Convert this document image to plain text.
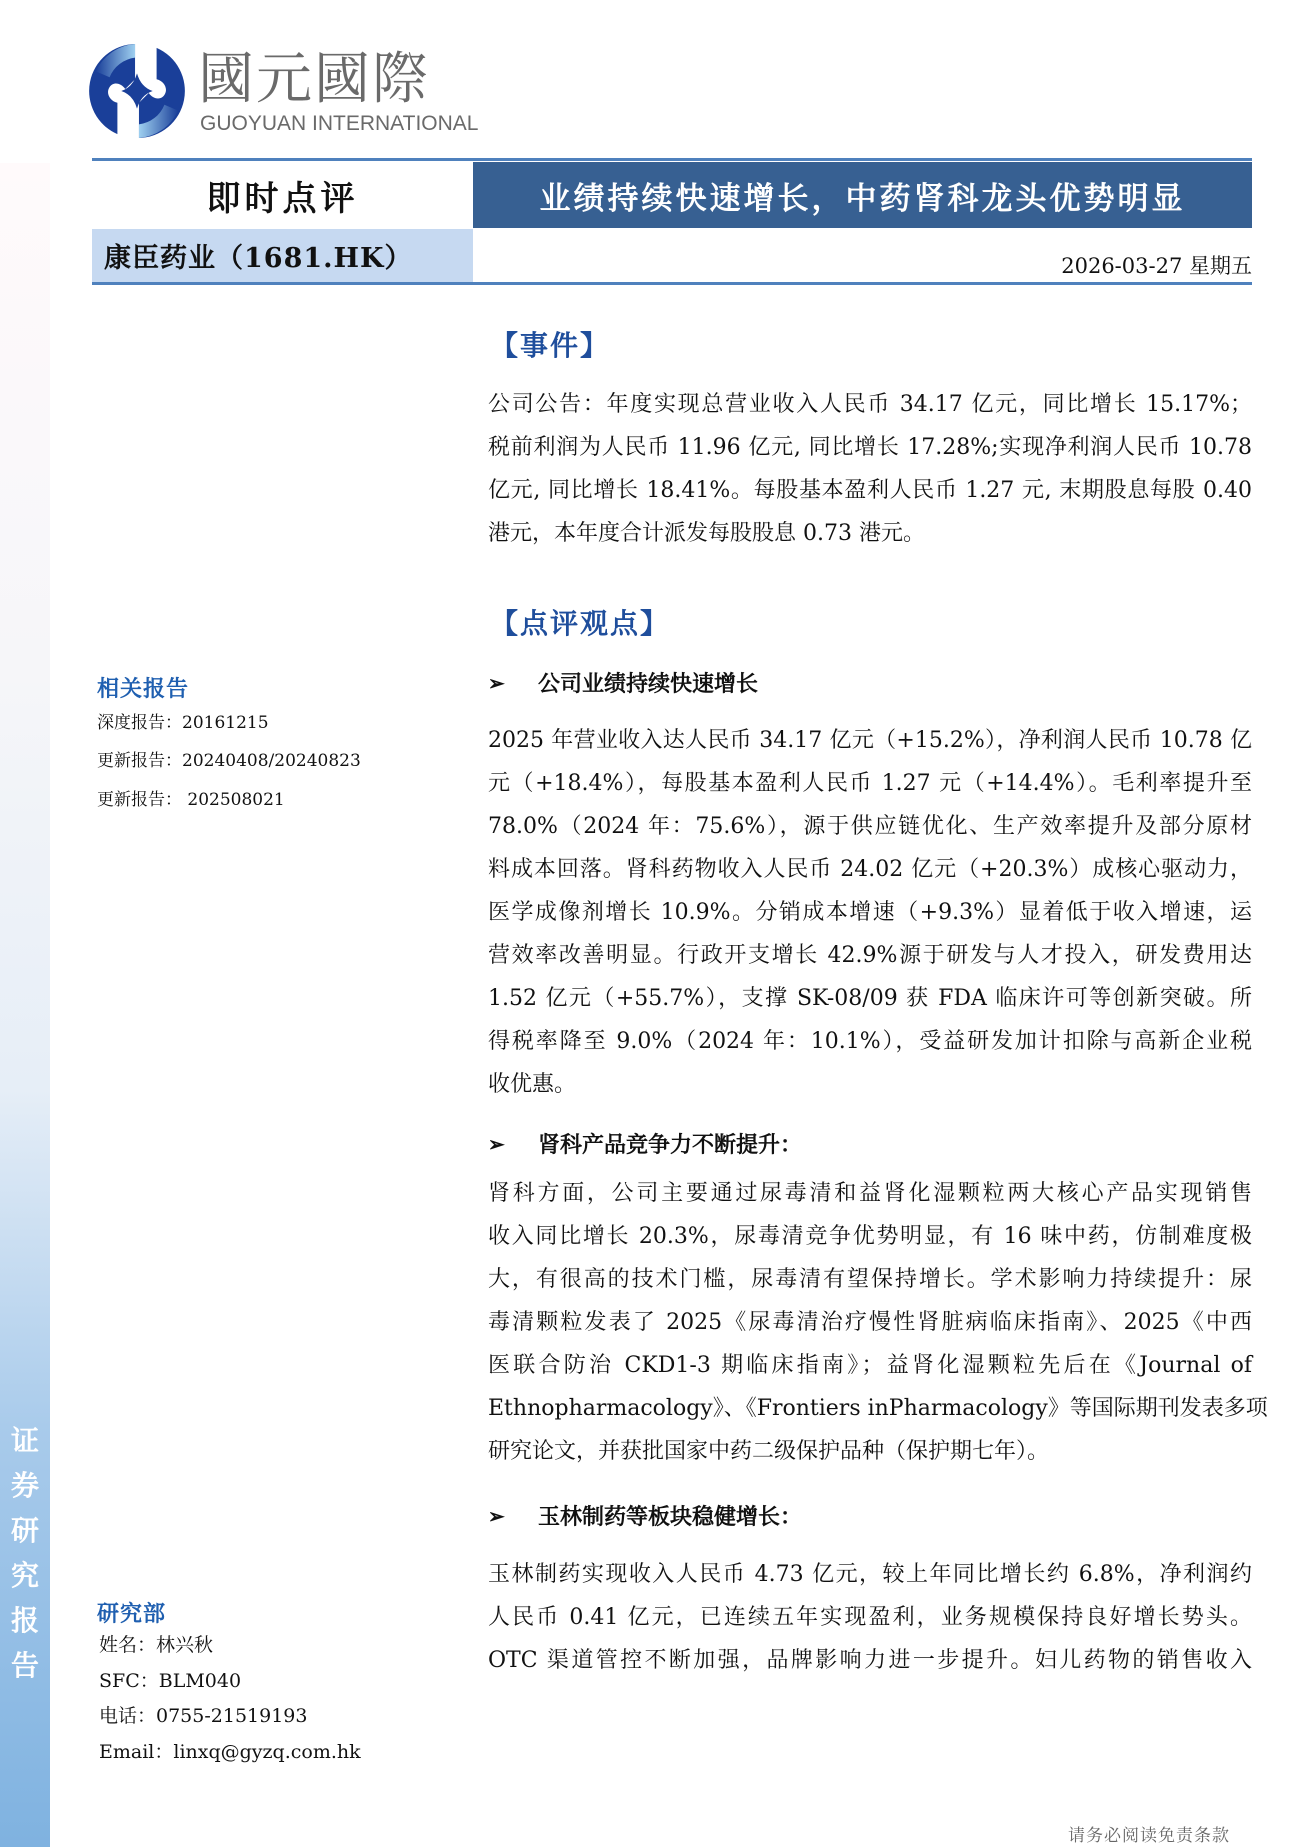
证
券
研
究
报
告
國元國際
GUOYUAN INTERNATIONAL
即时点评	业绩持续快速增长，中药肾科龙头优势明显
康臣药业（1681.HK）	2026-03-27 星期五
【事件】
公司公告：年度实现总营业收入人民币 34.17 亿元，同比增长 15.17%；
税前利润为人民币 11.96 亿元, 同比增长 17.28%;实现净利润人民币 10.78
亿元, 同比增长 18.41%。每股基本盈利人民币 1.27 元, 末期股息每股 0.40
港元，本年度合计派发每股股息 0.73 港元。
【点评观点】
➢	公司业绩持续快速增长
2025 年营业收入达人民币 34.17 亿元（+15.2%），净利润人民币 10.78 亿
元（+18.4%），每股基本盈利人民币 1.27 元（+14.4%）。毛利率提升至
78.0%（2024 年：75.6%），源于供应链优化、生产效率提升及部分原材
料成本回落。肾科药物收入人民币 24.02 亿元（+20.3%）成核心驱动力，
医学成像剂增长 10.9%。分销成本增速（+9.3%）显着低于收入增速，运
营效率改善明显。行政开支增长 42.9%源于研发与人才投入，研发费用达
1.52 亿元（+55.7%），支撑 SK-08/09 获 FDA 临床许可等创新突破。所
得税率降至 9.0%（2024 年：10.1%），受益研发加计扣除与高新企业税
收优惠。
➢	肾科产品竞争力不断提升：
肾科方面，公司主要通过尿毒清和益肾化湿颗粒两大核心产品实现销售
收入同比增长 20.3%，尿毒清竞争优势明显，有 16 味中药，仿制难度极
大，有很高的技术门槛，尿毒清有望保持增长。学术影响力持续提升：尿
毒清颗粒发表了 2025《尿毒清治疗慢性肾脏病临床指南》、2025《中西
医联合防治 CKD1-3 期临床指南》；益肾化湿颗粒先后在《Journal of
Ethnopharmacology》、《Frontiers inPharmacology》等国际期刊发表多项
研究论文，并获批国家中药二级保护品种（保护期七年）。
➢	玉林制药等板块稳健增长：
玉林制药实现收入人民币 4.73 亿元，较上年同比增长约 6.8%，净利润约
人民币 0.41 亿元，已连续五年实现盈利，业务规模保持良好增长势头。
OTC 渠道管控不断加强，品牌影响力进一步提升。妇儿药物的销售收入
相关报告
深度报告：20161215
更新报告：20240408/20240823
更新报告： 202508021
研究部
姓名：林兴秋
SFC：BLM040
电话：0755-21519193
Email：linxq@gyzq.com.hk
请务必阅读免责条款
